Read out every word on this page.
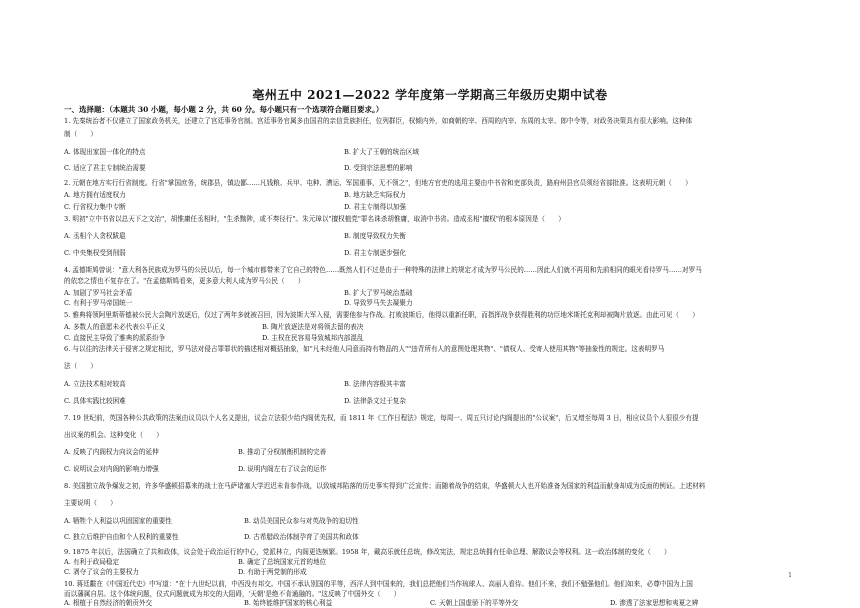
亳州五中 2021—2022 学年度第一学期高三年级历史期中试卷
一、选择题：（本题共 30 小题，每小题 2 分，共 60 分。每小题只有一个选项符合题目要求。）
1. 先秦统治者不仅建立了国家政务机关，还建立了宫廷事务官制。宫廷事务官属多由国君的亲信贵族担任，位列群臣，权倾内外，如商朝的宰、西周的内宰、东周的太宰、郎中令等，对政务决策具有很大影响。这种体
制（　　）
A. 体现出家国一体化的特点	B. 扩大了王朝的统治区域
C. 适应了君主专制统治需要	D. 受到宗法思想的影响
2. 元朝在地方实行行省制度。行省"掌国庶务，统郡县，镇边鄙……凡钱粮、兵甲、屯种、漕运、军国重事，无不领之"，但地方官吏的选用主要由中书省和吏部负责，路府州县官员须经省部批准。这表明元朝（　　）
A. 地方拥有适度权力	B. 地方缺乏实际权力
C. 行省权力集中专断	D. 君主专制得以加强
3. 明初"立中书省以总天下之文治"，胡惟庸任丞相时，"生杀黜陟，或不奏径行"。朱元璋以"擅权植党"罪名诛杀胡惟庸，取消中书省。造成丞相"擅权"的根本原因是（　　）
A. 丞相个人贪权跋扈	B. 制度导致权力失衡
C. 中央集权受到削弱	D. 君主专制逐步强化
4. 孟德斯鸠曾说："意大利各民族成为罗马的公民以后，每一个城市都带来了它自己的特色……既然人们不过是由于一种特殊的法律上的规定才成为罗马公民的……因此人们就不再用和先前相同的眼光看待罗马……对罗马
的依恋之情也不复存在了。"在孟德斯鸠看来，更多意大利人成为罗马公民（　　）
A. 加剧了罗马社会矛盾	B. 扩大了罗马统治基础
C. 有利于罗马帝国统一	D. 导致罗马失去凝聚力
5. 雅典将领阿里斯蒂德被公民大会陶片放逐后，仅过了两年多就被召回，因为波斯大军入侵，需要他参与作战。打败波斯后，他得以重新任职，而指挥战争获得胜利的功臣地米斯托克利却被陶片放逐。由此可见（　　）
A. 多数人的意愿未必代表公平正义	B. 陶片放逐法是对将领去留的表决
C. 直接民主导致了雅典的派系纷争	D. 主权在民容易导致城邦内部混乱
6. 与以往的法律关于侵害之规定相比，罗马法对侵占罪罪状的描述相对概括抽象，如"凡未经他人同意而持有物品的人""违背所有人的意图处理其物"、"债权人、受寄人使用其物"等抽象性的规定。这表明罗马
法（　　）
A. 立法技术相对较高	B. 法律内容极其丰富
C. 具体实践比较困难	D. 法律条文过于复杂
7. 19 世纪前，英国各种公共政策的法案由议员以个人名义提出，议会立法很少给内阁优先权，而 1811 年《工作日程法》规定，每周一、周五只讨论内阁提出的"公议案"，后又增至每周 3 日，相应议员个人很很少有提
出议案的机会。这种变化（　　）
A. 反映了内阁权力向议会的延伸	B. 推动了分权制衡机制的完善
C. 说明议会对内阁的影响力增强	D. 说明内阁左右了议会的运作
8. 美国独立战争爆发之初，许多华盛顿招募来的战士在马萨诸塞大学迟迟未肯参作战，以致城邦陷落的历史事实得到广泛宣传；而随着战争的结束，华盛顿大人也开始准备为国家的利益而献身却成为反面的例证。上述材料
主要说明（　　）
A. 牺牲个人利益以巩固国家的重要性	B. 动员美国民众参与对英战争的迫切性
C. 独立后维护自由和个人权利的重要性	D. 古希腊政治体制孕育了美国共和政体
9. 1875 年以后，法国确立了共和政体，议会处于政治运行的中心，党派林立，内阁更迭频繁。1958 年，戴高乐就任总统，修改宪法，规定总统拥有任命总理、解散议会等权利。这一政治体制的变化（　　）
A. 有利于政局稳定	B. 确定了总统国家元首的地位
C. 剥夺了议会的主要权力
10. 蒋廷黻在《中国近代史》中写道："在十九世纪以前，中西没有邦交。中国不承认别国的平等，西洋人到中国来的，我们总把他们当作琉球人、高丽人看待。他们不来，我们不勉强他们。他们如来，必尊中国为上国
1
D. 有助于两党制的形成
而以藩属自居。这个体统问题，仪式问题就成为邦交的大阻碍，'天朝'是绝不肯通融的。"这反映了中国外交（　　）
A. 根植于自然经济的朝贡外交	B. 始终能维护国家的核心利益	C. 天朝上国虚骄下的平等外交	D. 渗透了法家思想和夷夏之辨
